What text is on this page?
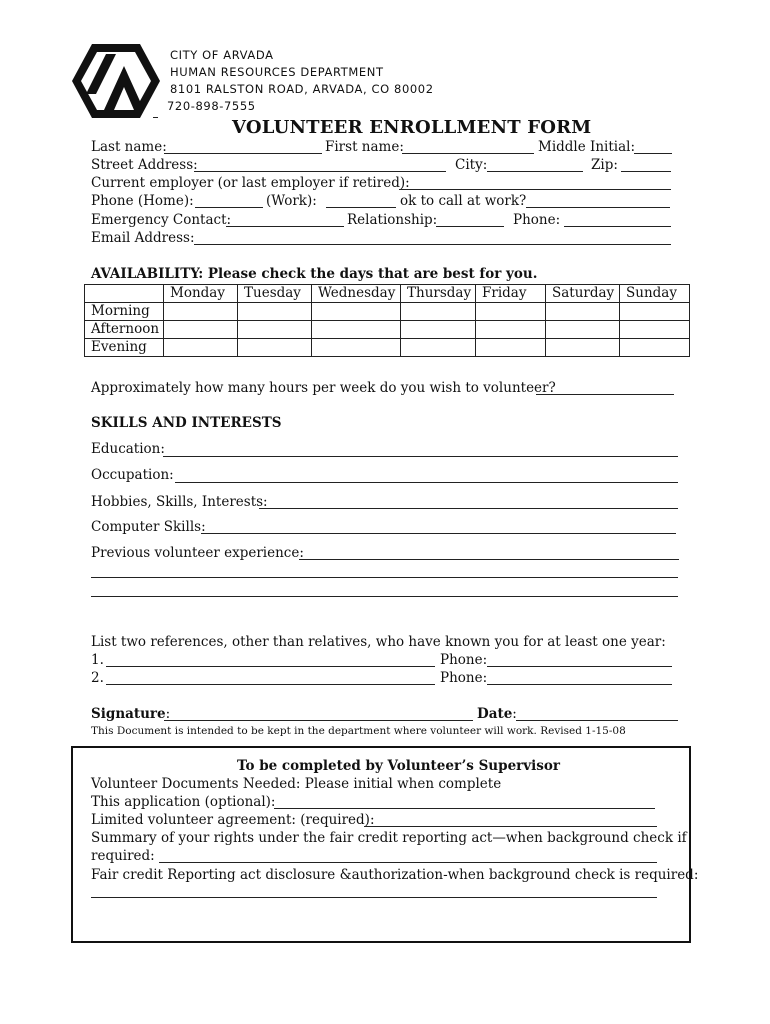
CITY OF ARVADA
HUMAN RESOURCES DEPARTMENT
8101 RALSTON ROAD, ARVADA, CO 80002
720-898-7555
VOLUNTEER ENROLLMENT FORM
Last name:	First name:	Middle Initial:
Street Address:	City:	Zip:
Current employer (or last employer if retired):
Phone (Home):	(Work):	ok to call at work?
Emergency Contact:	Relationship:	Phone:
Email Address:
AVAILABILITY: Please check the days that are best for you.
	Monday	Tuesday	Wednesday	Thursday	Friday	Saturday	Sunday
Morning							
Afternoon							
Evening							
Approximately how many hours per week do you wish to volunteer?
SKILLS AND INTERESTS
Education:
Occupation:
Hobbies, Skills, Interests:
Computer Skills:
Previous volunteer experience:
List two references, other than relatives, who have known you for at least one year:
1.	Phone:
2.	Phone:
Signature:	Date:
This Document is intended to be kept in the department where volunteer will work. Revised 1-15-08
To be completed by Volunteer’s Supervisor
Volunteer Documents Needed: Please initial when complete
This application (optional):
Limited volunteer agreement: (required):
Summary of your rights under the fair credit reporting act—when background check if
required:
Fair credit Reporting act disclosure &authorization-when background check is required:
